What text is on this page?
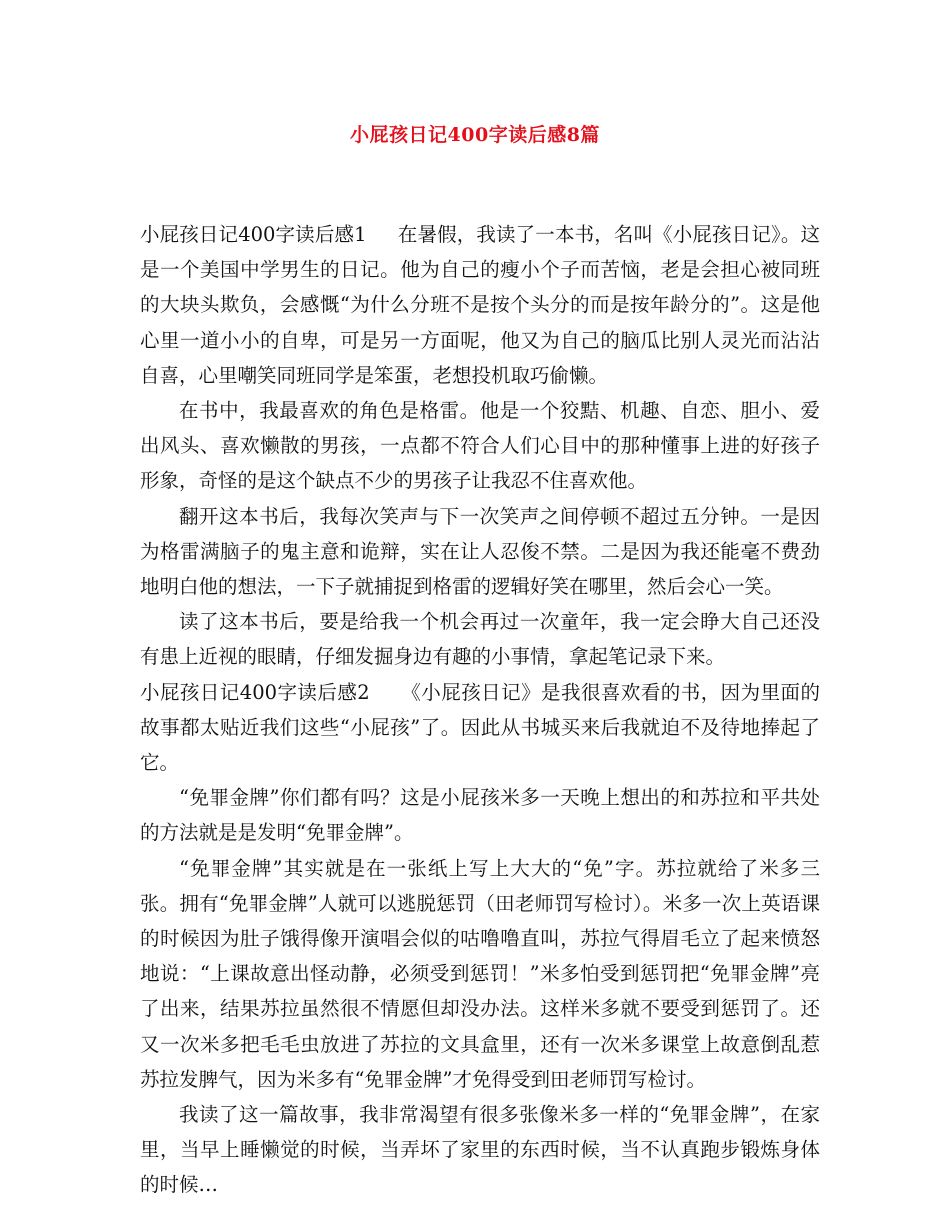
小屁孩日记400字读后感8篇

小屁孩日记400字读后感1 在暑假，我读了一本书，名叫《小屁孩日记》。这是一个美国中学男生的日记。他为自己的瘦小个子而苦恼，老是会担心被同班的大块头欺负，会感慨“为什么分班不是按个头分的而是按年龄分的”。这是他心里一道小小的自卑，可是另一方面呢，他又为自己的脑瓜比别人灵光而沾沾自喜，心里嘲笑同班同学是笨蛋，老想投机取巧偷懒。

在书中，我最喜欢的角色是格雷。他是一个狡黠、机趣、自恋、胆小、爱出风头、喜欢懒散的男孩，一点都不符合人们心目中的那种懂事上进的好孩子形象，奇怪的是这个缺点不少的男孩子让我忍不住喜欢他。

翻开这本书后，我每次笑声与下一次笑声之间停顿不超过五分钟。一是因为格雷满脑子的鬼主意和诡辩，实在让人忍俊不禁。二是因为我还能毫不费劲地明白他的想法，一下子就捕捉到格雷的逻辑好笑在哪里，然后会心一笑。

读了这本书后，要是给我一个机会再过一次童年，我一定会睁大自己还没有患上近视的眼睛，仔细发掘身边有趣的小事情，拿起笔记录下来。

小屁孩日记400字读后感2 《小屁孩日记》是我很喜欢看的书，因为里面的故事都太贴近我们这些“小屁孩”了。因此从书城买来后我就迫不及待地捧起了它。

“免罪金牌”你们都有吗？这是小屁孩米多一天晚上想出的和苏拉和平共处的方法就是是发明“免罪金牌”。

“免罪金牌”其实就是在一张纸上写上大大的“免”字。苏拉就给了米多三张。拥有“免罪金牌”人就可以逃脱惩罚（田老师罚写检讨）。米多一次上英语课的时候因为肚子饿得像开演唱会似的咕噜噜直叫，苏拉气得眉毛立了起来愤怒地说：“上课故意出怪动静，必须受到惩罚！”米多怕受到惩罚把“免罪金牌”亮了出来，结果苏拉虽然很不情愿但却没办法。这样米多就不要受到惩罚了。还又一次米多把毛毛虫放进了苏拉的文具盒里，还有一次米多课堂上故意倒乱惹苏拉发脾气，因为米多有“免罪金牌”才免得受到田老师罚写检讨。

我读了这一篇故事，我非常渴望有很多张像米多一样的“免罪金牌”，在家里，当早上睡懒觉的时候，当弄坏了家里的东西时候，当不认真跑步锻炼身体的时候…
